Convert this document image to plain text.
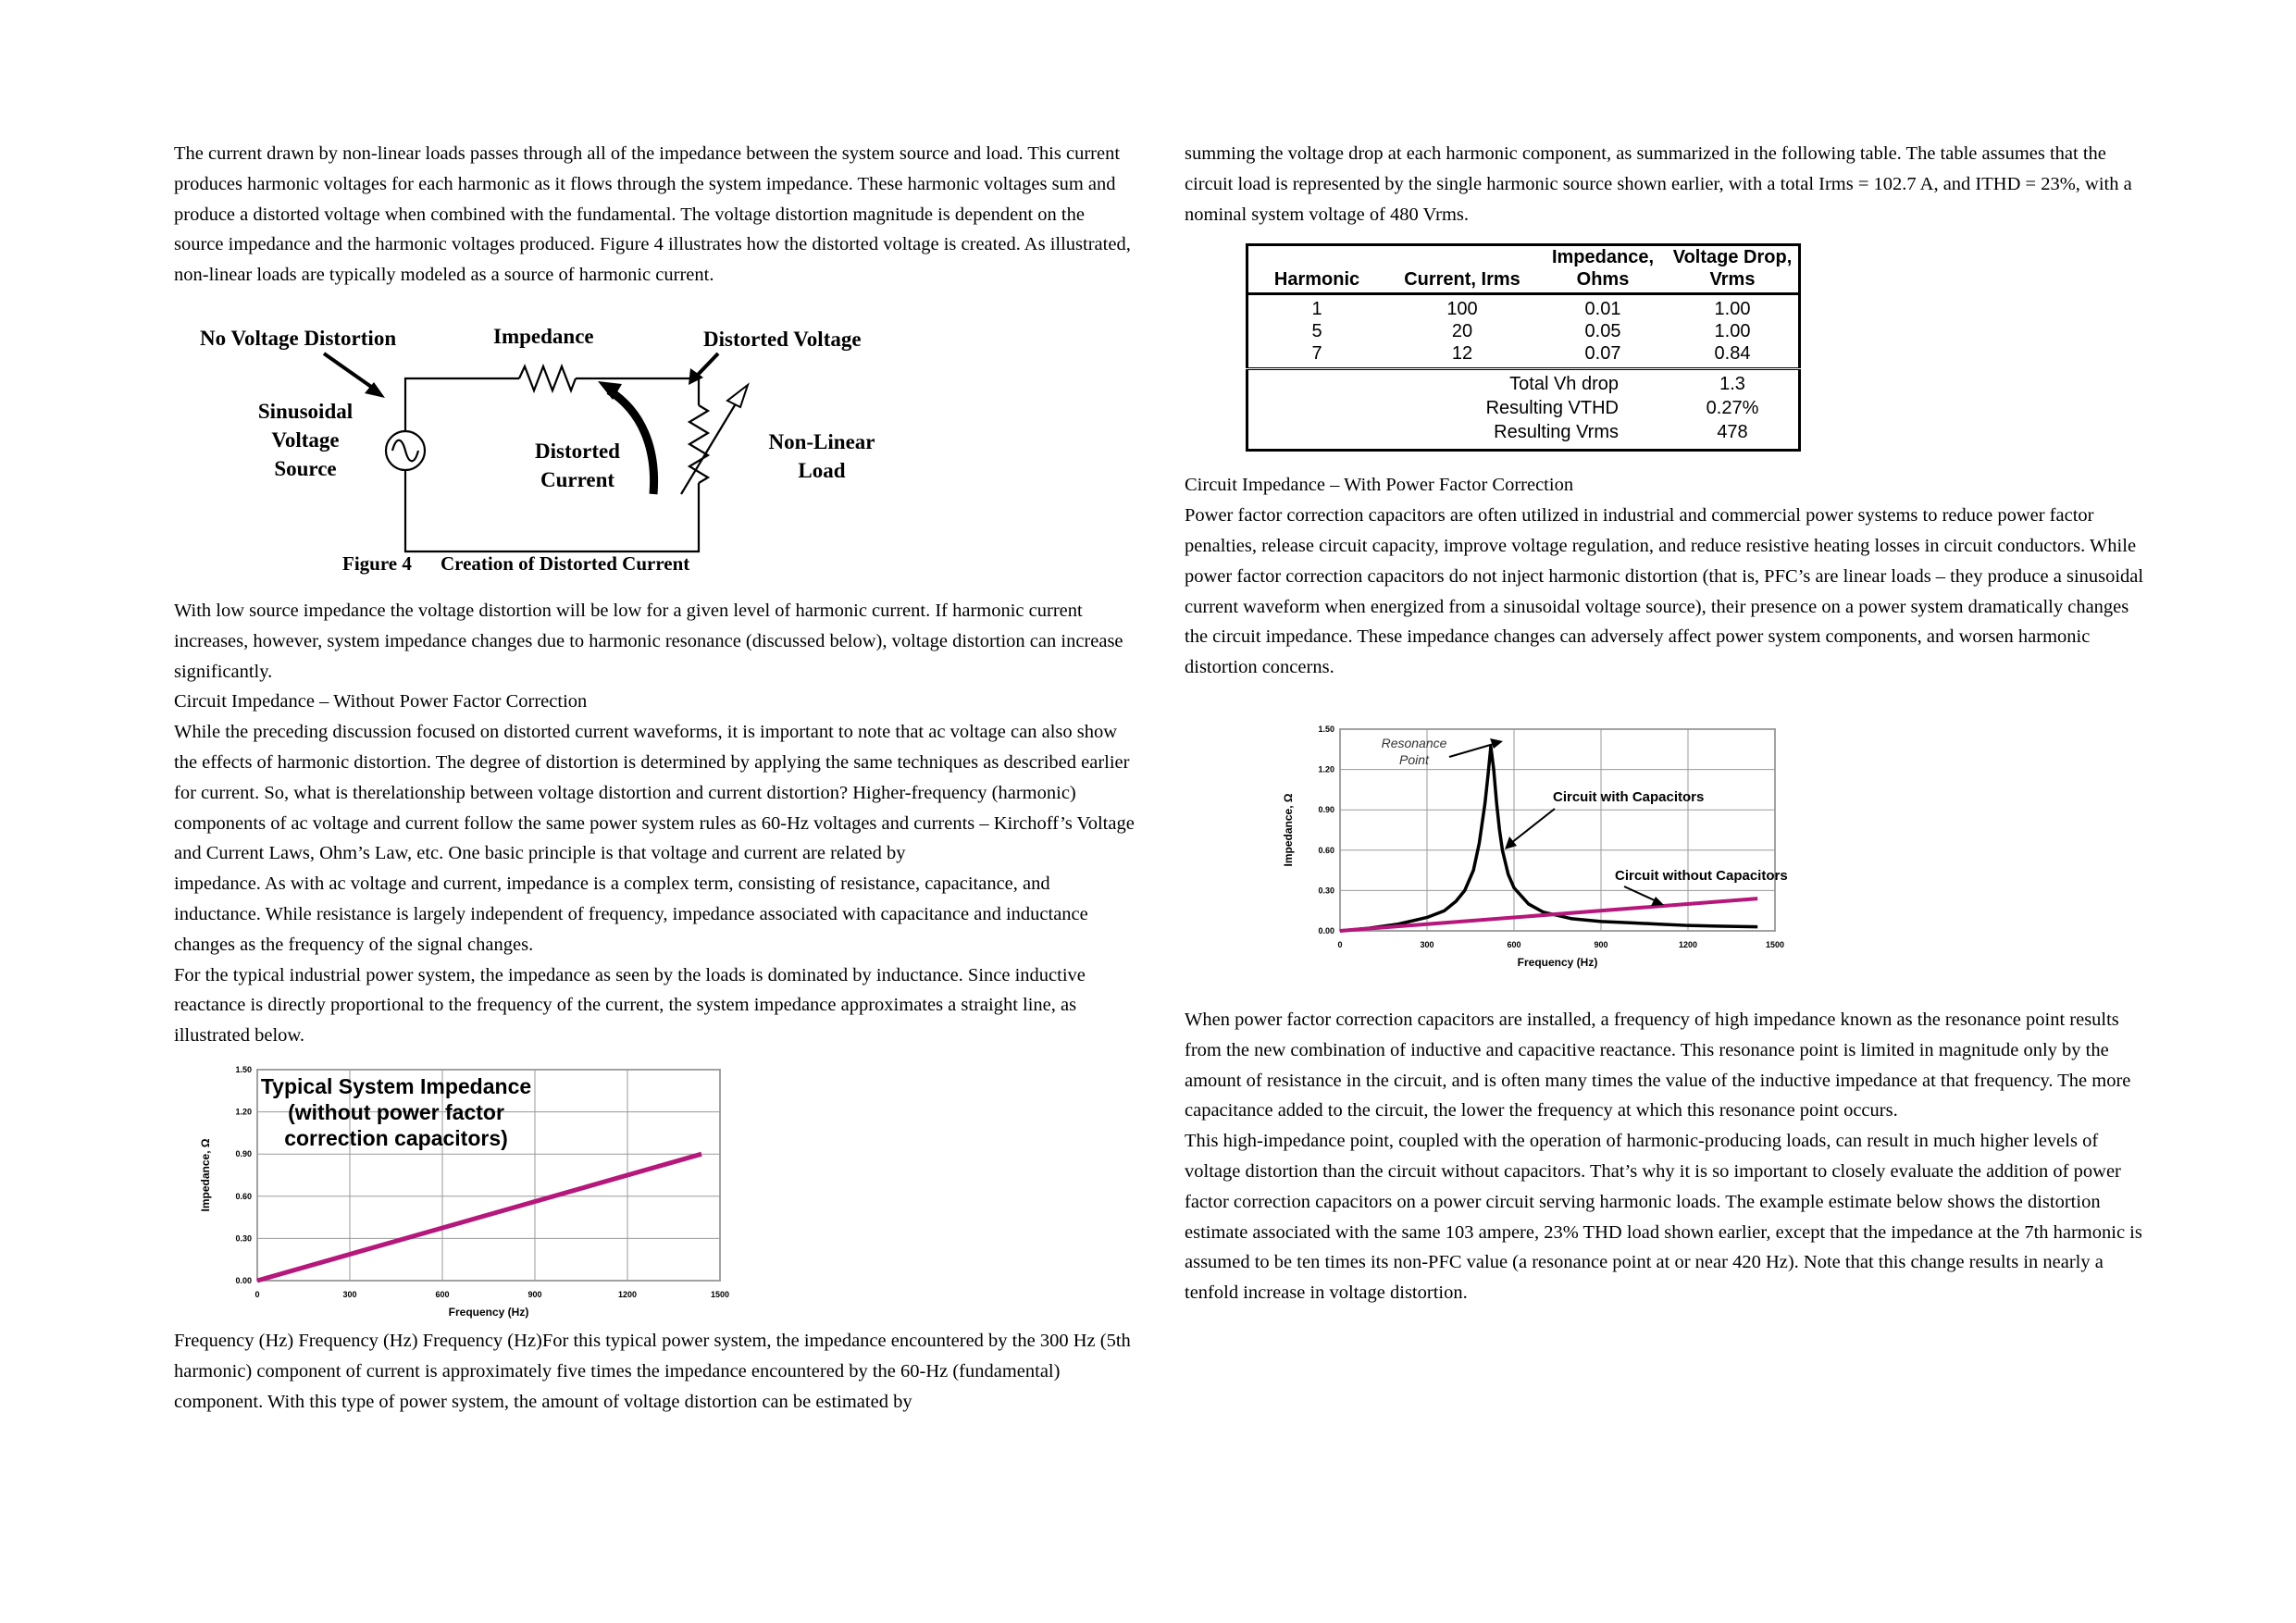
The current drawn by non-linear loads passes through all of the impedance between the system source and load. This current produces harmonic voltages for each harmonic as it flows through the system impedance. These harmonic voltages sum and produce a distorted voltage when combined with the fundamental. The voltage distortion magnitude is dependent on the source impedance and the harmonic voltages produced. Figure 4 illustrates how the distorted voltage is created. As illustrated, non-linear loads are typically modeled as a source of harmonic current.

No Voltage Distortion	Impedance	Distorted Voltage
Sinusoidal
Voltage
Source
Distorted
Current
Non-Linear
Load
Figure 4 Creation of Distorted Current

With low source impedance the voltage distortion will be low for a given level of harmonic current. If harmonic current increases, however, system impedance changes due to harmonic resonance (discussed below), voltage distortion can increase significantly.

Circuit Impedance – Without Power Factor Correction

While the preceding discussion focused on distorted current waveforms, it is important to note that ac voltage can also show the effects of harmonic distortion. The degree of distortion is determined by applying the same techniques as described earlier for current. So, what is therelationship between voltage distortion and current distortion? Higher-frequency (harmonic) components of ac voltage and current follow the same power system rules as 60-Hz voltages and currents – Kirchoff’s Voltage and Current Laws, Ohm’s Law, etc. One basic principle is that voltage and current are related by

impedance. As with ac voltage and current, impedance is a complex term, consisting of resistance, capacitance, and inductance. While resistance is largely independent of frequency, impedance associated with capacitance and inductance changes as the frequency of the signal changes.

For the typical industrial power system, the impedance as seen by the loads is dominated by inductance. Since inductive reactance is directly proportional to the frequency of the current, the system impedance approximates a straight line, as illustrated below.

0	300	600	900	1200	1500
0.00
0.30
0.60
0.90
1.20
1.50
Frequency (Hz)
Impedance, Ω
Typical System Impedance
(without power factor
correction capacitors)

Frequency (Hz) Frequency (Hz) Frequency (Hz)For this typical power system, the impedance encountered by the 300 Hz (5th harmonic) component of current is approximately five times the impedance encountered by the 60-Hz (fundamental) component. With this type of power system, the amount of voltage distortion can be estimated by

summing the voltage drop at each harmonic component, as summarized in the following table. The table assumes that the circuit load is represented by the single harmonic source shown earlier, with a total Irms = 102.7 A, and ITHD = 23%, with a nominal system voltage of 480 Vrms.

Harmonic	Current, Irms	Impedance, Ohms	Voltage Drop, Vrms
1	100	0.01	1.00
5	20	0.05	1.00
7	12	0.07	0.84
Total Vh drop			1.3
Resulting VTHD			0.27%
Resulting Vrms			478

Circuit Impedance – With Power Factor Correction

Power factor correction capacitors are often utilized in industrial and commercial power systems to reduce power factor penalties, release circuit capacity, improve voltage regulation, and reduce resistive heating losses in circuit conductors. While power factor correction capacitors do not inject harmonic distortion (that is, PFC’s are linear loads – they produce a sinusoidal current waveform when energized from a sinusoidal voltage source), their presence on a power system dramatically changes the circuit impedance. These impedance changes can adversely affect power system components, and worsen harmonic distortion concerns.

0	300	600	900	1200	1500
0.00
0.30
0.60
0.90
1.20
1.50
Frequency (Hz)
Impedance, Ω
Resonance
Point
Circuit with Capacitors
Circuit without Capacitors

When power factor correction capacitors are installed, a frequency of high impedance known as the resonance point results from the new combination of inductive and capacitive reactance. This resonance point is limited in magnitude only by the amount of resistance in the circuit, and is often many times the value of the inductive impedance at that frequency. The more capacitance added to the circuit, the lower the frequency at which this resonance point occurs.

This high-impedance point, coupled with the operation of harmonic-producing loads, can result in much higher levels of voltage distortion than the circuit without capacitors. That’s why it is so important to closely evaluate the addition of power factor correction capacitors on a power circuit serving harmonic loads. The example estimate below shows the distortion estimate associated with the same 103 ampere, 23% THD load shown earlier, except that the impedance at the 7th harmonic is assumed to be ten times its non-PFC value (a resonance point at or near 420 Hz). Note that this change results in nearly a tenfold increase in voltage distortion.
